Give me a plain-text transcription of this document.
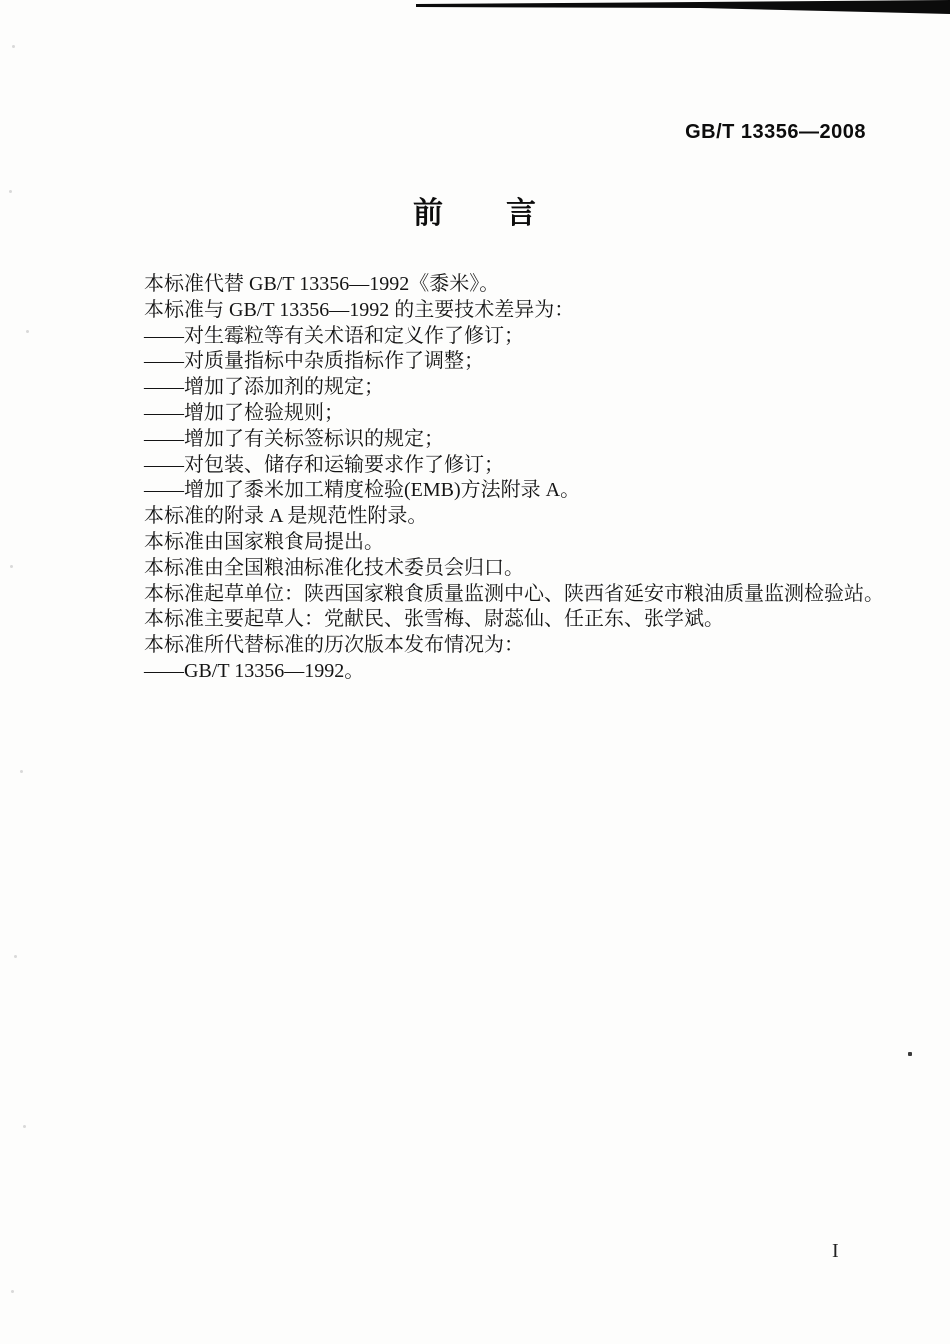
GB/T 13356—2008
前　　言

本标准代替 GB/T 13356—1992《黍米》。

本标准与 GB/T 13356—1992 的主要技术差异为：

——对生霉粒等有关术语和定义作了修订；

——对质量指标中杂质指标作了调整；

——增加了添加剂的规定；

——增加了检验规则；

——增加了有关标签标识的规定；

——对包装、储存和运输要求作了修订；

——增加了黍米加工精度检验(EMB)方法附录 A。

本标准的附录 A 是规范性附录。

本标准由国家粮食局提出。

本标准由全国粮油标准化技术委员会归口。

本标准起草单位：陕西国家粮食质量监测中心、陕西省延安市粮油质量监测检验站。

本标准主要起草人：党献民、张雪梅、尉蕊仙、任正东、张学斌。

本标准所代替标准的历次版本发布情况为：

——GB/T 13356—1992。

I
